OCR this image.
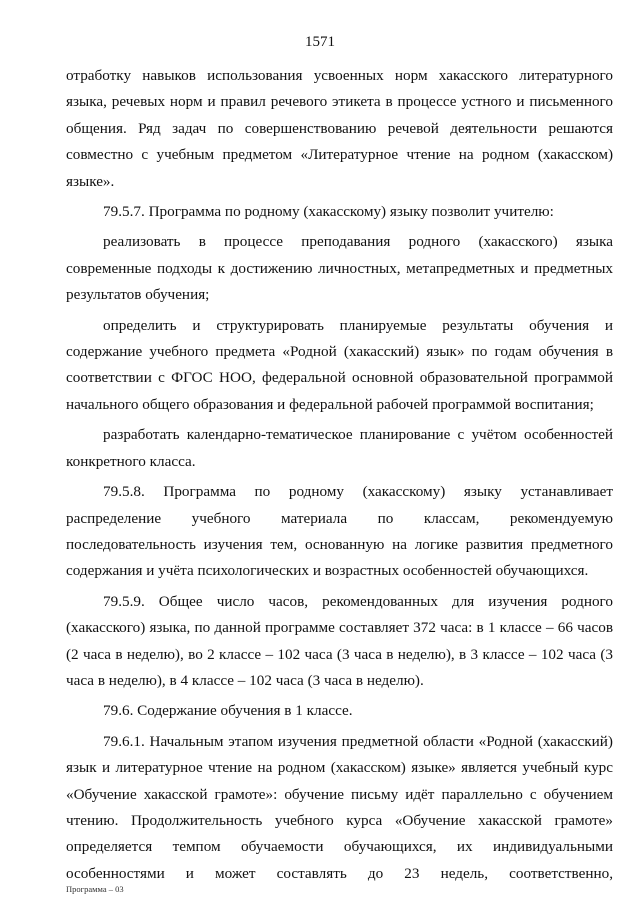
1571

отработку навыков использования усвоенных норм хакасского литературного языка, речевых норм и правил речевого этикета в процессе устного и письменного общения. Ряд задач по совершенствованию речевой деятельности решаются совместно с учебным предметом «Литературное чтение на родном (хакасском) языке».

79.5.7. Программа по родному (хакасскому) языку позволит учителю:

реализовать в процессе преподавания родного (хакасского) языка современные подходы к достижению личностных, метапредметных и предметных результатов обучения;

определить и структурировать планируемые результаты обучения и содержание учебного предмета «Родной (хакасский) язык» по годам обучения в соответствии с ФГОС НОО, федеральной основной образовательной программой начального общего образования и федеральной рабочей программой воспитания;

разработать календарно-тематическое планирование с учётом особенностей конкретного класса.

79.5.8. Программа по родному (хакасскому) языку устанавливает распределение учебного материала по классам, рекомендуемую последовательность изучения тем, основанную на логике развития предметного содержания и учёта психологических и возрастных особенностей обучающихся.

79.5.9. Общее число часов, рекомендованных для изучения родного (хакасского) языка, по данной программе составляет 372 часа: в 1 классе – 66 часов (2 часа в неделю), во 2 классе – 102 часа (3 часа в неделю), в 3 классе – 102 часа (3 часа в неделю), в 4 классе – 102 часа (3 часа в неделю).

79.6. Содержание обучения в 1 классе.

79.6.1. Начальным этапом изучения предметной области «Родной (хакасский) язык и литературное чтение на родном (хакасском) языке» является учебный курс «Обучение хакасской грамоте»: обучение письму идёт параллельно с обучением чтению. Продолжительность учебного курса «Обучение хакасской грамоте» определяется темпом обучаемости обучающихся, их индивидуальными особенностями и может составлять до 23 недель, соответственно,

Программа – 03
